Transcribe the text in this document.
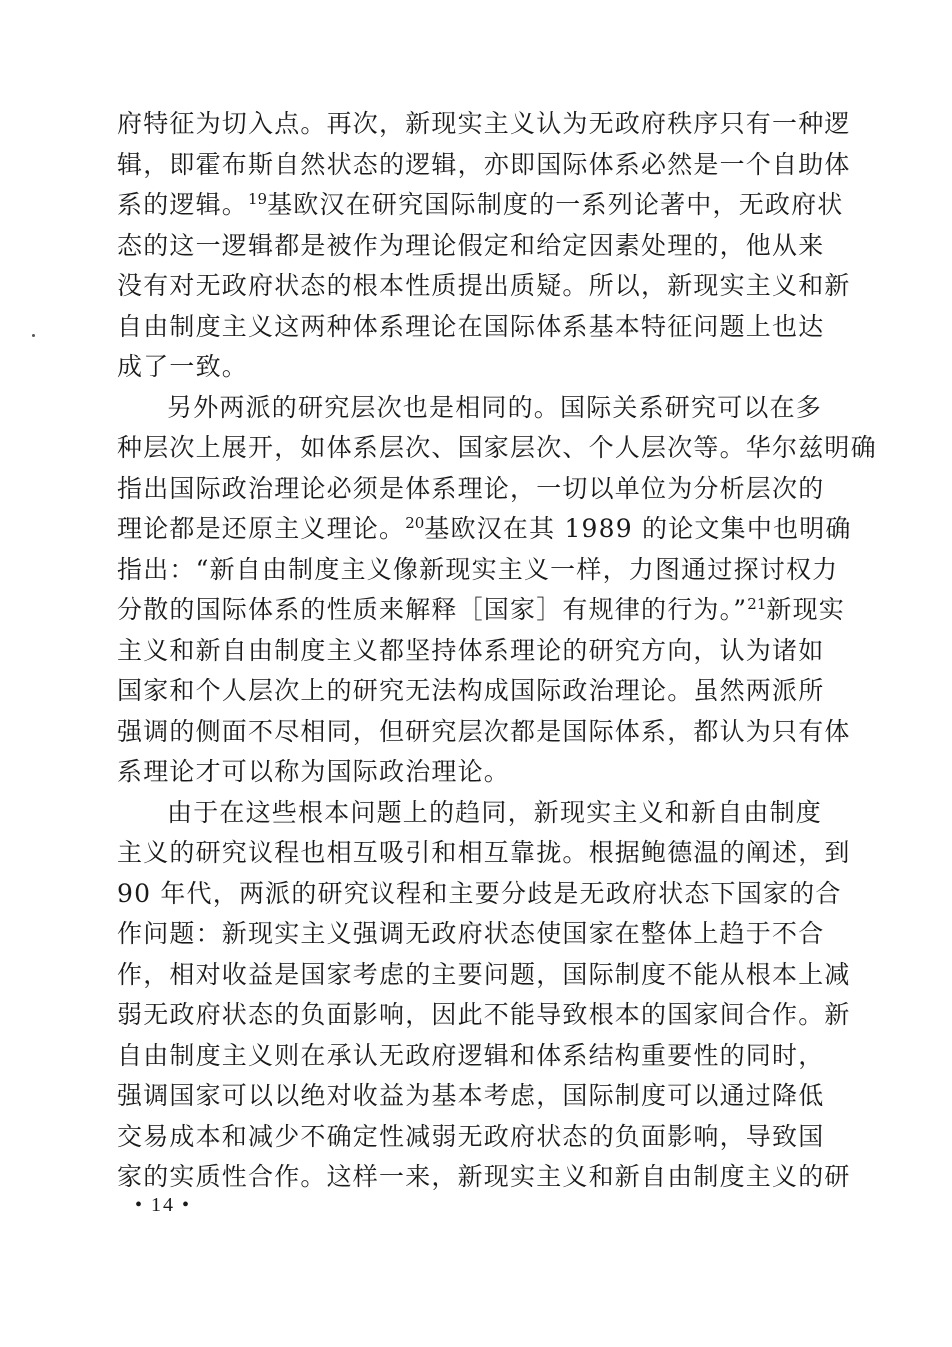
府特征为切入点。再次，新现实主义认为无政府秩序只有一种逻
辑，即霍布斯自然状态的逻辑，亦即国际体系必然是一个自助体
系的逻辑。$^{19}$基欧汉在研究国际制度的一系列论著中，无政府状
态的这一逻辑都是被作为理论假定和给定因素处理的，他从来
没有对无政府状态的根本性质提出质疑。所以，新现实主义和新
自由制度主义这两种体系理论在国际体系基本特征问题上也达
成了一致。
另外两派的研究层次也是相同的。国际关系研究可以在多
种层次上展开，如体系层次、国家层次、个人层次等。华尔兹明确
指出国际政治理论必须是体系理论，一切以单位为分析层次的
理论都是还原主义理论。$^{20}$基欧汉在其 1989 的论文集中也明确
指出：“新自由制度主义像新现实主义一样，力图通过探讨权力
分散的国际体系的性质来解释［国家］有规律的行为。”$^{21}$新现实
主义和新自由制度主义都坚持体系理论的研究方向，认为诸如
国家和个人层次上的研究无法构成国际政治理论。虽然两派所
强调的侧面不尽相同，但研究层次都是国际体系，都认为只有体
系理论才可以称为国际政治理论。
由于在这些根本问题上的趋同，新现实主义和新自由制度
主义的研究议程也相互吸引和相互靠拢。根据鲍德温的阐述，到
90 年代，两派的研究议程和主要分歧是无政府状态下国家的合
作问题：新现实主义强调无政府状态使国家在整体上趋于不合
作，相对收益是国家考虑的主要问题，国际制度不能从根本上减
弱无政府状态的负面影响，因此不能导致根本的国家间合作。新
自由制度主义则在承认无政府逻辑和体系结构重要性的同时，
强调国家可以以绝对收益为基本考虑，国际制度可以通过降低
交易成本和减少不确定性减弱无政府状态的负面影响，导致国
家的实质性合作。这样一来，新现实主义和新自由制度主义的研
• 14 •
